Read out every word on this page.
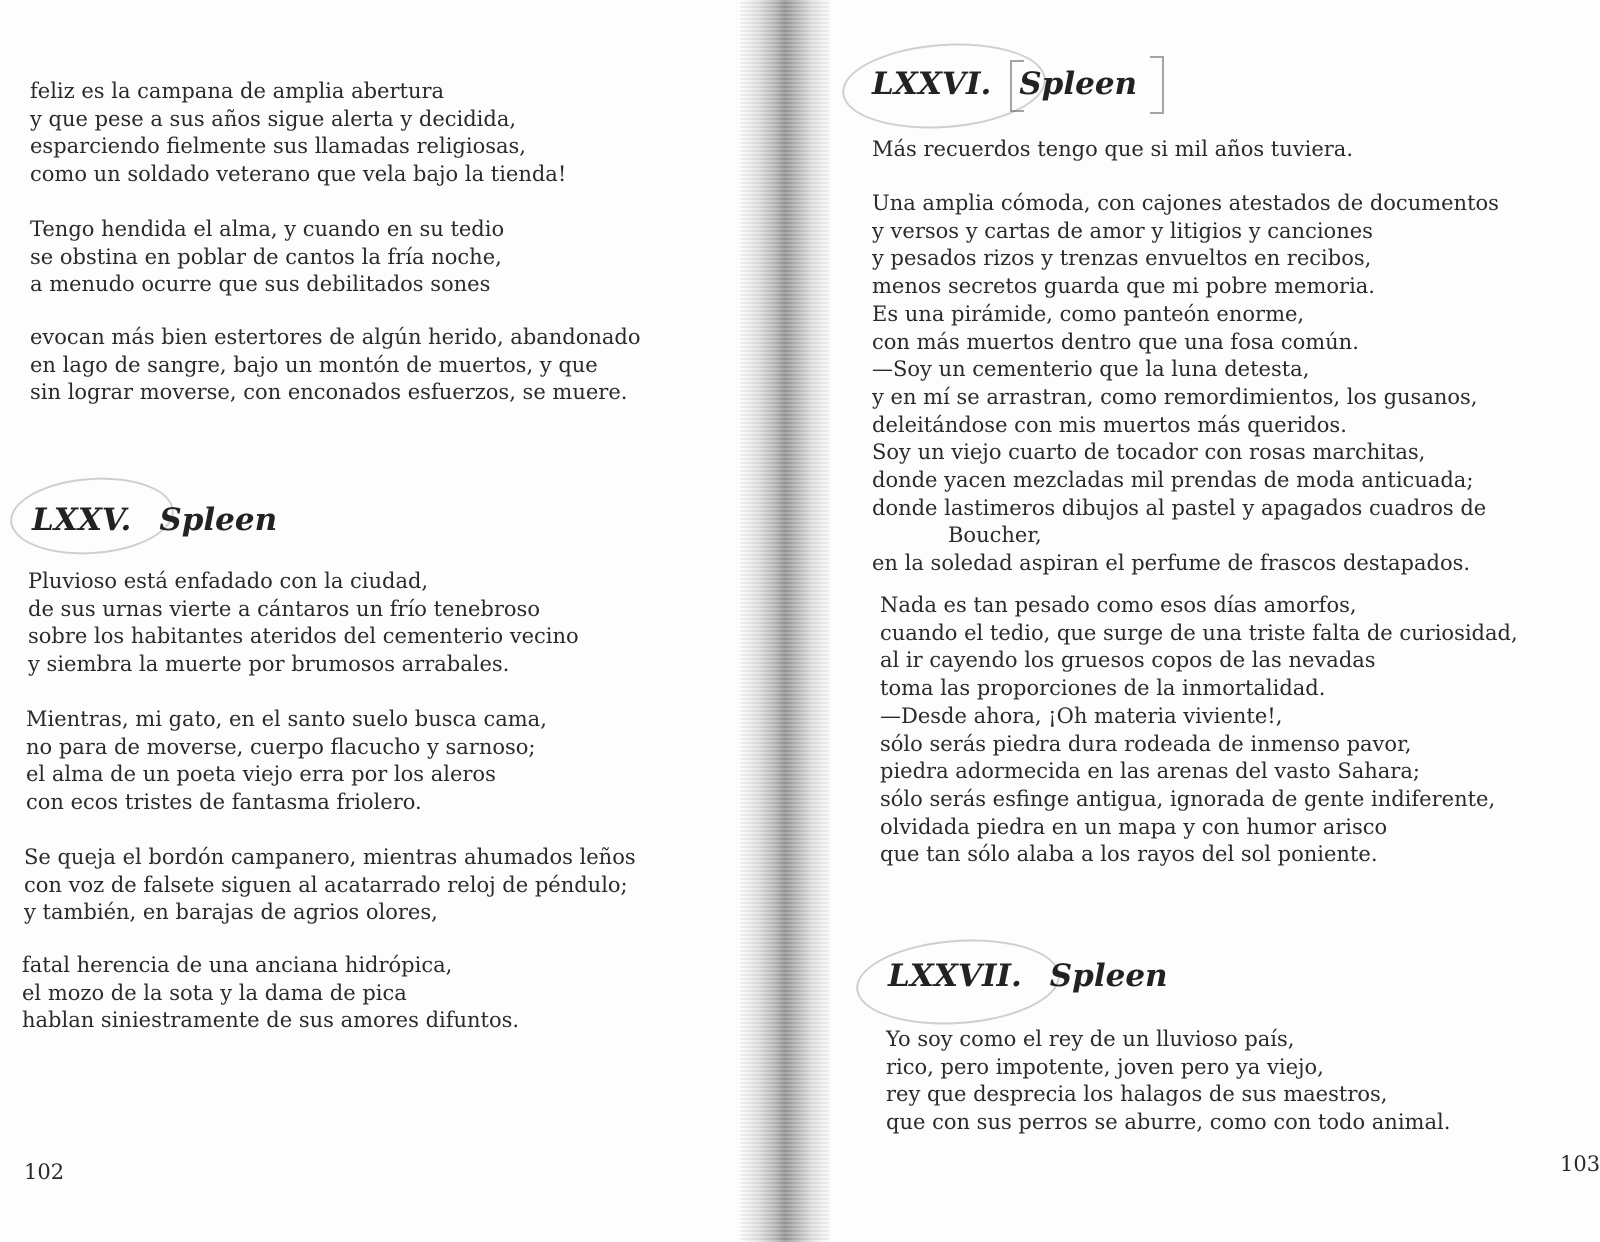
feliz es la campana de amplia abertura
y que pese a sus años sigue alerta y decidida,
esparciendo fielmente sus llamadas religiosas,
como un soldado veterano que vela bajo la tienda!

Tengo hendida el alma, y cuando en su tedio
se obstina en poblar de cantos la fría noche,
a menudo ocurre que sus debilitados sones

evocan más bien estertores de algún herido, abandonado
en lago de sangre, bajo un montón de muertos, y que
sin lograr moverse, con enconados esfuerzos, se muere.

LXXV. Spleen

Pluvioso está enfadado con la ciudad,
de sus urnas vierte a cántaros un frío tenebroso
sobre los habitantes ateridos del cementerio vecino
y siembra la muerte por brumosos arrabales.

Mientras, mi gato, en el santo suelo busca cama,
no para de moverse, cuerpo flacucho y sarnoso;
el alma de un poeta viejo erra por los aleros
con ecos tristes de fantasma friolero.

Se queja el bordón campanero, mientras ahumados leños
con voz de falsete siguen al acatarrado reloj de péndulo;
y también, en barajas de agrios olores,

fatal herencia de una anciana hidrópica,
el mozo de la sota y la dama de pica
hablan siniestramente de sus amores difuntos.

102

LXXVI. Spleen

Más recuerdos tengo que si mil años tuviera.

Una amplia cómoda, con cajones atestados de documentos
y versos y cartas de amor y litigios y canciones
y pesados rizos y trenzas envueltos en recibos,
menos secretos guarda que mi pobre memoria.
Es una pirámide, como panteón enorme,
con más muertos dentro que una fosa común.
—Soy un cementerio que la luna detesta,
y en mí se arrastran, como remordimientos, los gusanos,
deleitándose con mis muertos más queridos.
Soy un viejo cuarto de tocador con rosas marchitas,
donde yacen mezcladas mil prendas de moda anticuada;
donde lastimeros dibujos al pastel y apagados cuadros de
Boucher,
en la soledad aspiran el perfume de frascos destapados.

Nada es tan pesado como esos días amorfos,
cuando el tedio, que surge de una triste falta de curiosidad,
al ir cayendo los gruesos copos de las nevadas
toma las proporciones de la inmortalidad.
—Desde ahora, ¡Oh materia viviente!,
sólo serás piedra dura rodeada de inmenso pavor,
piedra adormecida en las arenas del vasto Sahara;
sólo serás esfinge antigua, ignorada de gente indiferente,
olvidada piedra en un mapa y con humor arisco
que tan sólo alaba a los rayos del sol poniente.

LXXVII. Spleen

Yo soy como el rey de un lluvioso país,
rico, pero impotente, joven pero ya viejo,
rey que desprecia los halagos de sus maestros,
que con sus perros se aburre, como con todo animal.

103
